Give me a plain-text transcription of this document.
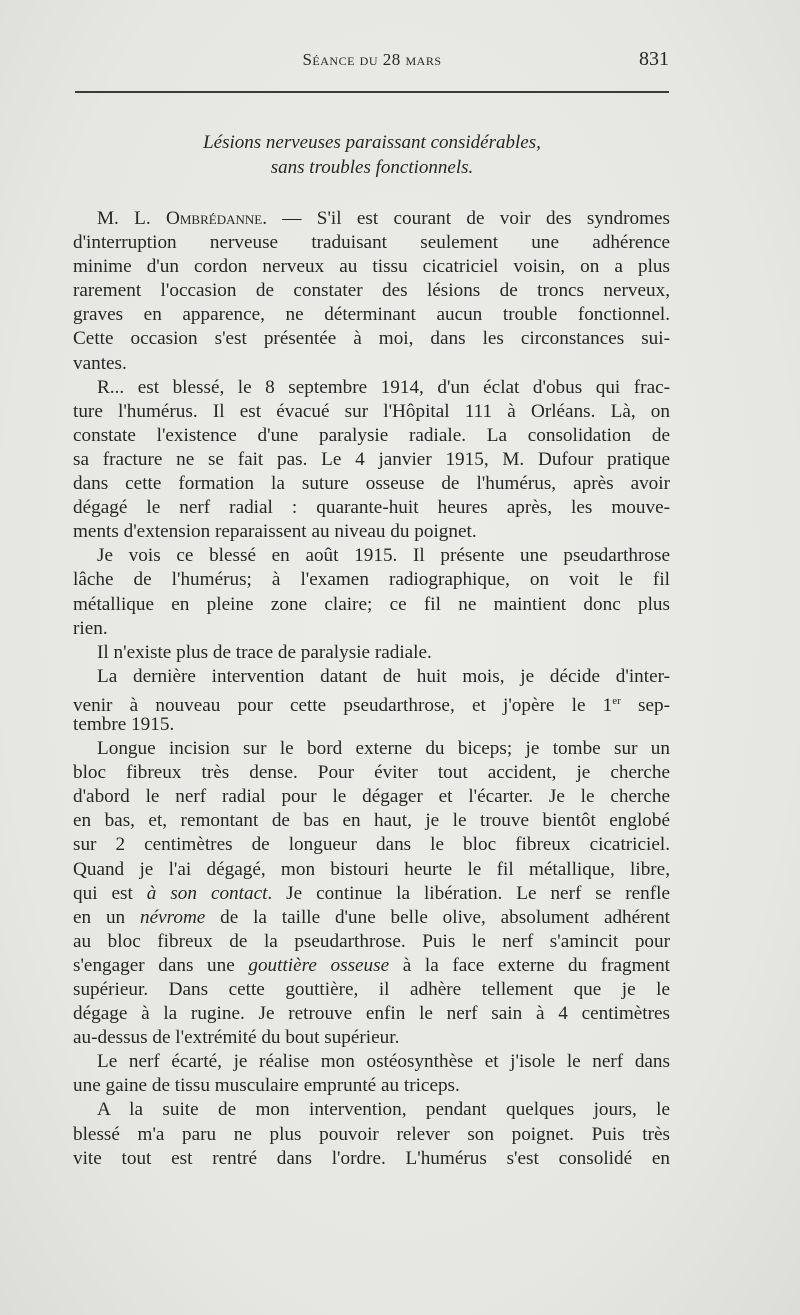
Séance du 28 mars	831
Lésions nerveuses paraissant considérables,
sans troubles fonctionnels.
M. L. Ombrédanne. — S'il est courant de voir des syndromes
d'interruption nerveuse traduisant seulement une adhérence
minime d'un cordon nerveux au tissu cicatriciel voisin, on a plus
rarement l'occasion de constater des lésions de troncs nerveux,
graves en apparence, ne déterminant aucun trouble fonctionnel.
Cette occasion s'est présentée à moi, dans les circonstances sui-
vantes.
R... est blessé, le 8 septembre 1914, d'un éclat d'obus qui frac-
ture l'humérus. Il est évacué sur l'Hôpital 111 à Orléans. Là, on
constate l'existence d'une paralysie radiale. La consolidation de
sa fracture ne se fait pas. Le 4 janvier 1915, M. Dufour pratique
dans cette formation la suture osseuse de l'humérus, après avoir
dégagé le nerf radial : quarante-huit heures après, les mouve-
ments d'extension reparaissent au niveau du poignet.
Je vois ce blessé en août 1915. Il présente une pseudarthrose
lâche de l'humérus; à l'examen radiographique, on voit le fil
métallique en pleine zone claire; ce fil ne maintient donc plus
rien.
Il n'existe plus de trace de paralysie radiale.
La dernière intervention datant de huit mois, je décide d'inter-
venir à nouveau pour cette pseudarthrose, et j'opère le 1er sep-
tembre 1915.
Longue incision sur le bord externe du biceps; je tombe sur un
bloc fibreux très dense. Pour éviter tout accident, je cherche
d'abord le nerf radial pour le dégager et l'écarter. Je le cherche
en bas, et, remontant de bas en haut, je le trouve bientôt englobé
sur 2 centimètres de longueur dans le bloc fibreux cicatriciel.
Quand je l'ai dégagé, mon bistouri heurte le fil métallique, libre,
qui est à son contact. Je continue la libération. Le nerf se renfle
en un névrome de la taille d'une belle olive, absolument adhérent
au bloc fibreux de la pseudarthrose. Puis le nerf s'amincit pour
s'engager dans une gouttière osseuse à la face externe du fragment
supérieur. Dans cette gouttière, il adhère tellement que je le
dégage à la rugine. Je retrouve enfin le nerf sain à 4 centimètres
au-dessus de l'extrémité du bout supérieur.
Le nerf écarté, je réalise mon ostéosynthèse et j'isole le nerf dans
une gaine de tissu musculaire emprunté au triceps.
A la suite de mon intervention, pendant quelques jours, le
blessé m'a paru ne plus pouvoir relever son poignet. Puis très
vite tout est rentré dans l'ordre. L'humérus s'est consolidé en
